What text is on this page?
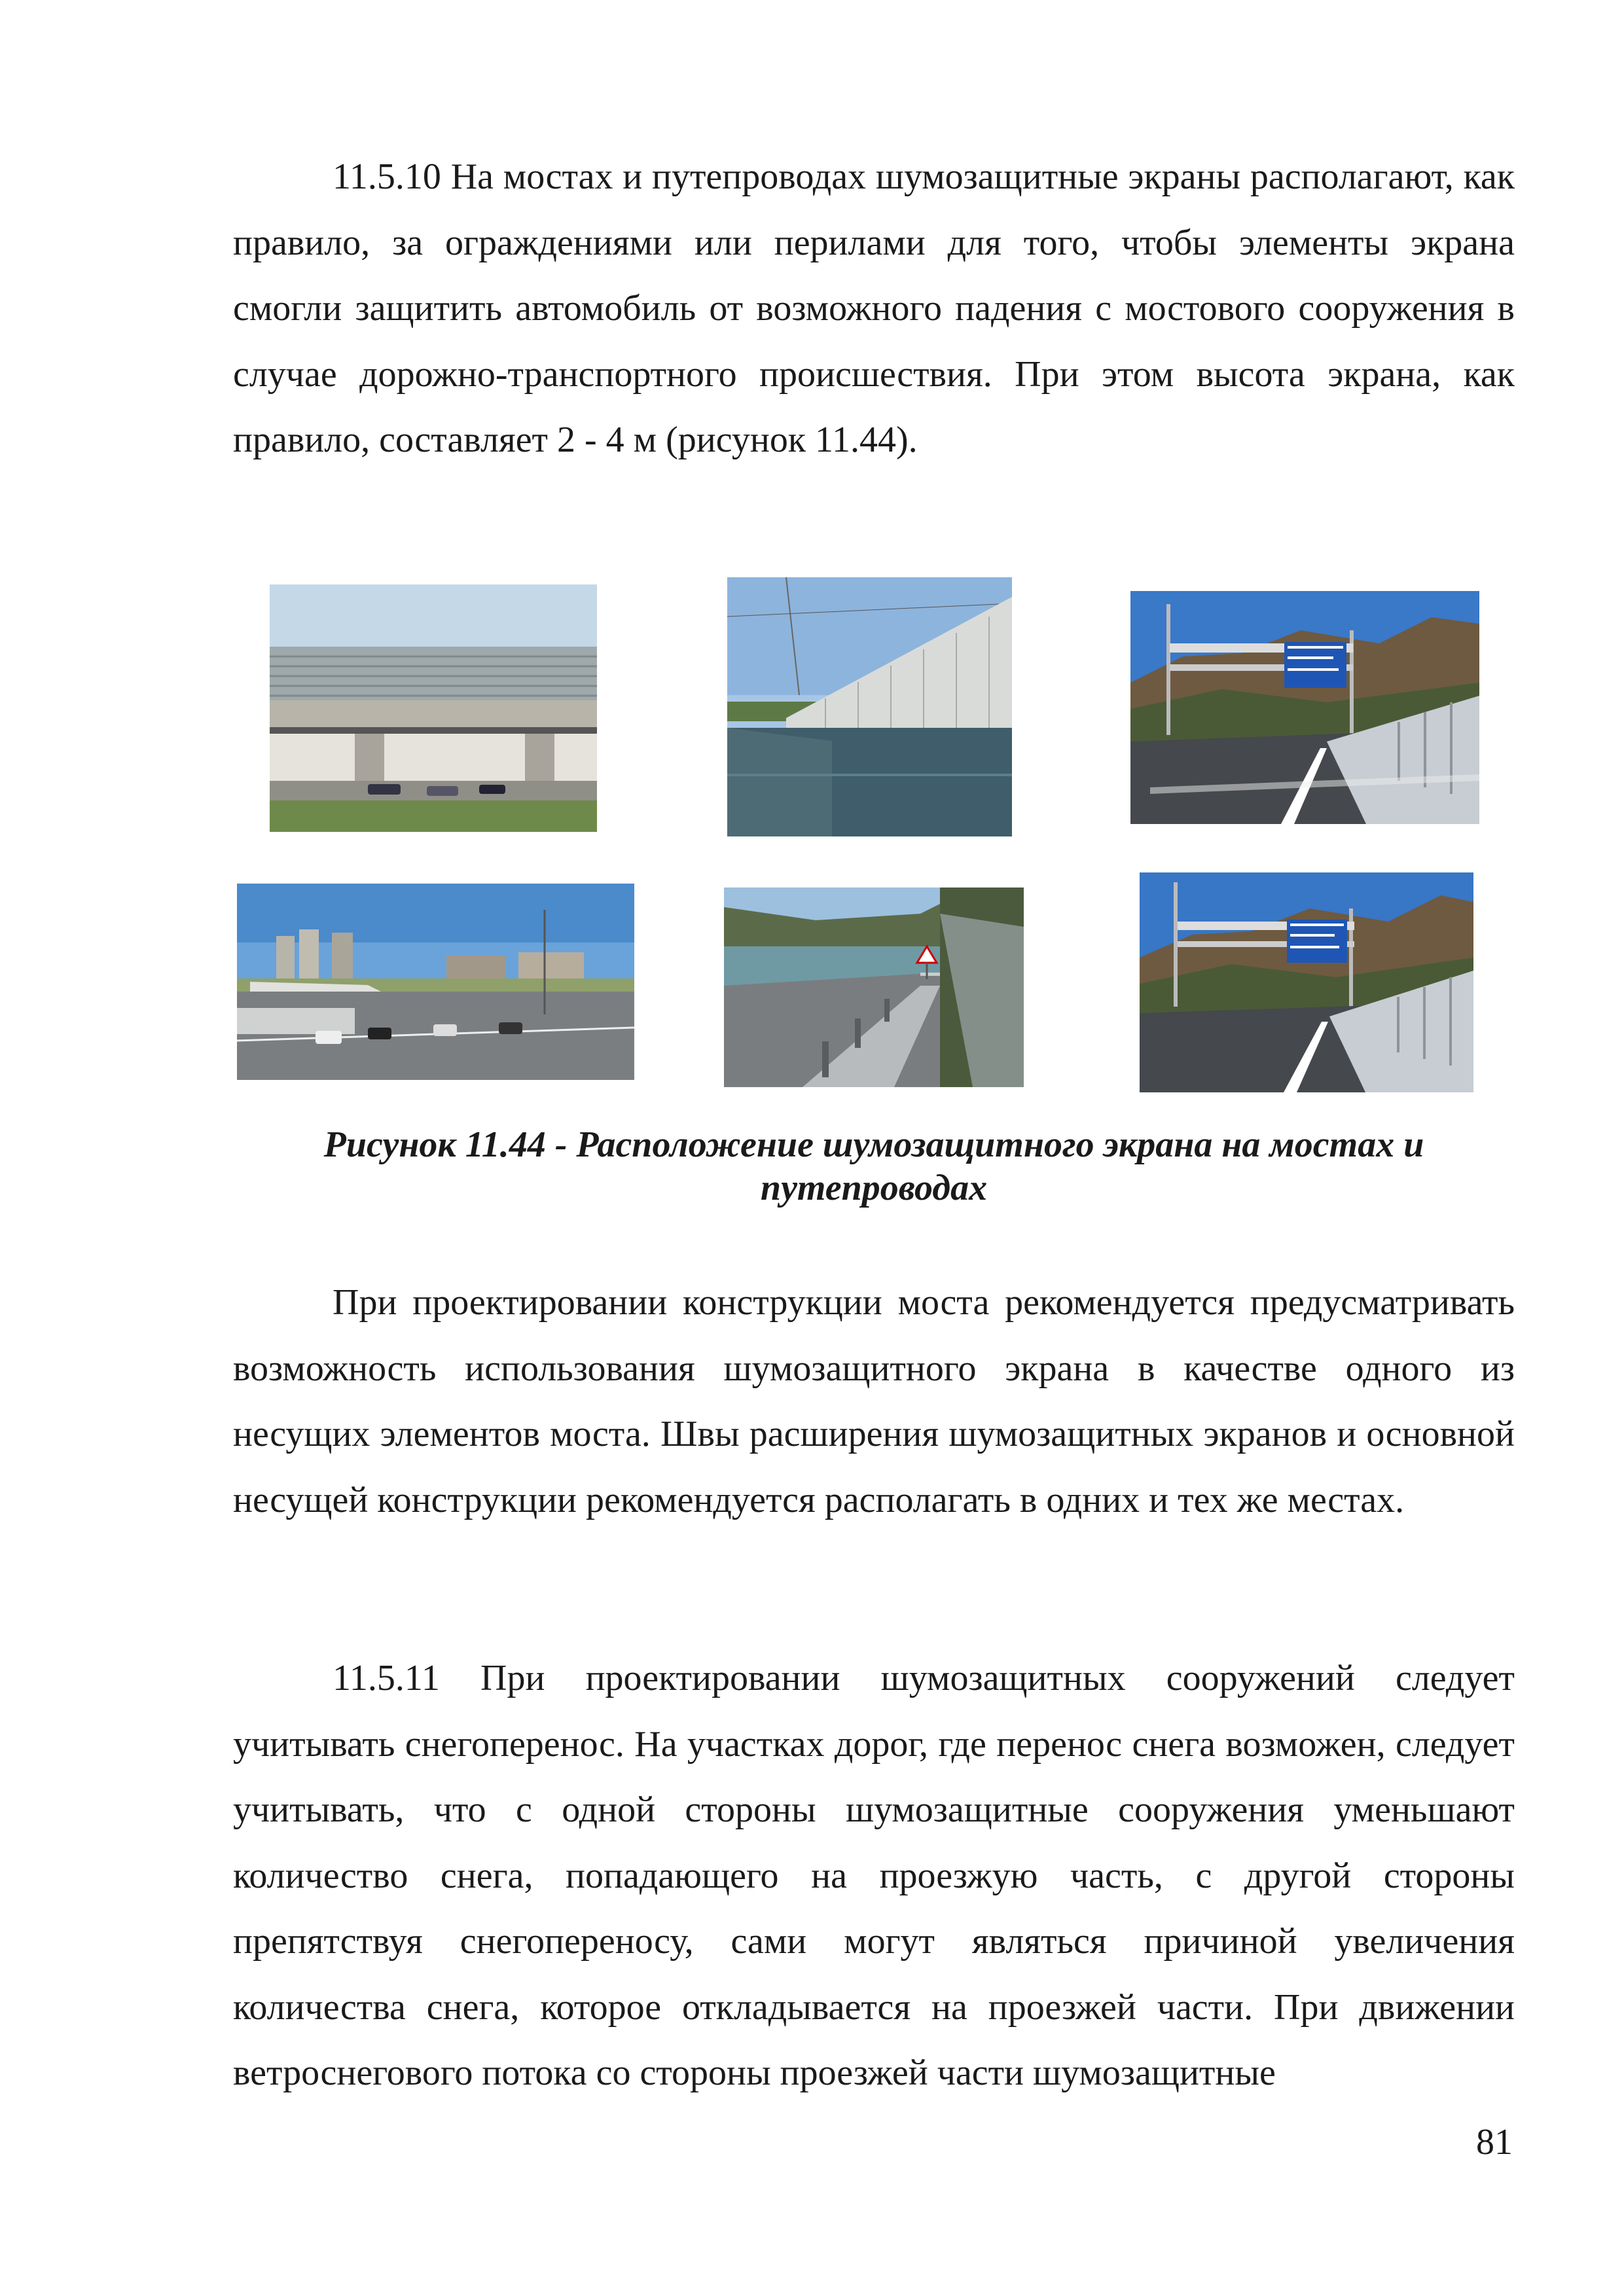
11.5.10 На мостах и путепроводах шумозащитные экраны располагают, как правило, за ограждениями или перилами для того, чтобы элементы экрана смогли защитить автомобиль от возможного падения с мостового сооружения в случае дорожно-транспортного происшествия. При этом высота экрана, как правило, составляет 2 - 4 м (рисунок 11.44).

Рисунок 11.44 - Расположение шумозащитного экрана на мостах и путепроводах

При проектировании конструкции моста рекомендуется предусматривать возможность использования шумозащитного экрана в качестве одного из несущих элементов моста. Швы расширения шумозащитных экранов и основной несущей конструкции рекомендуется располагать в одних и тех же местах.

11.5.11 При проектировании шумозащитных сооружений следует учитывать снегоперенос. На участках дорог, где перенос снега возможен, следует учитывать, что с одной стороны шумозащитные сооружения уменьшают количество снега, попадающего на проезжую часть, с другой стороны препятствуя снегопереносу, сами могут являться причиной увеличения количества снега, которое откладывается на проезжей части. При движении ветроснегового потока со стороны проезжей части шумозащитные

81
